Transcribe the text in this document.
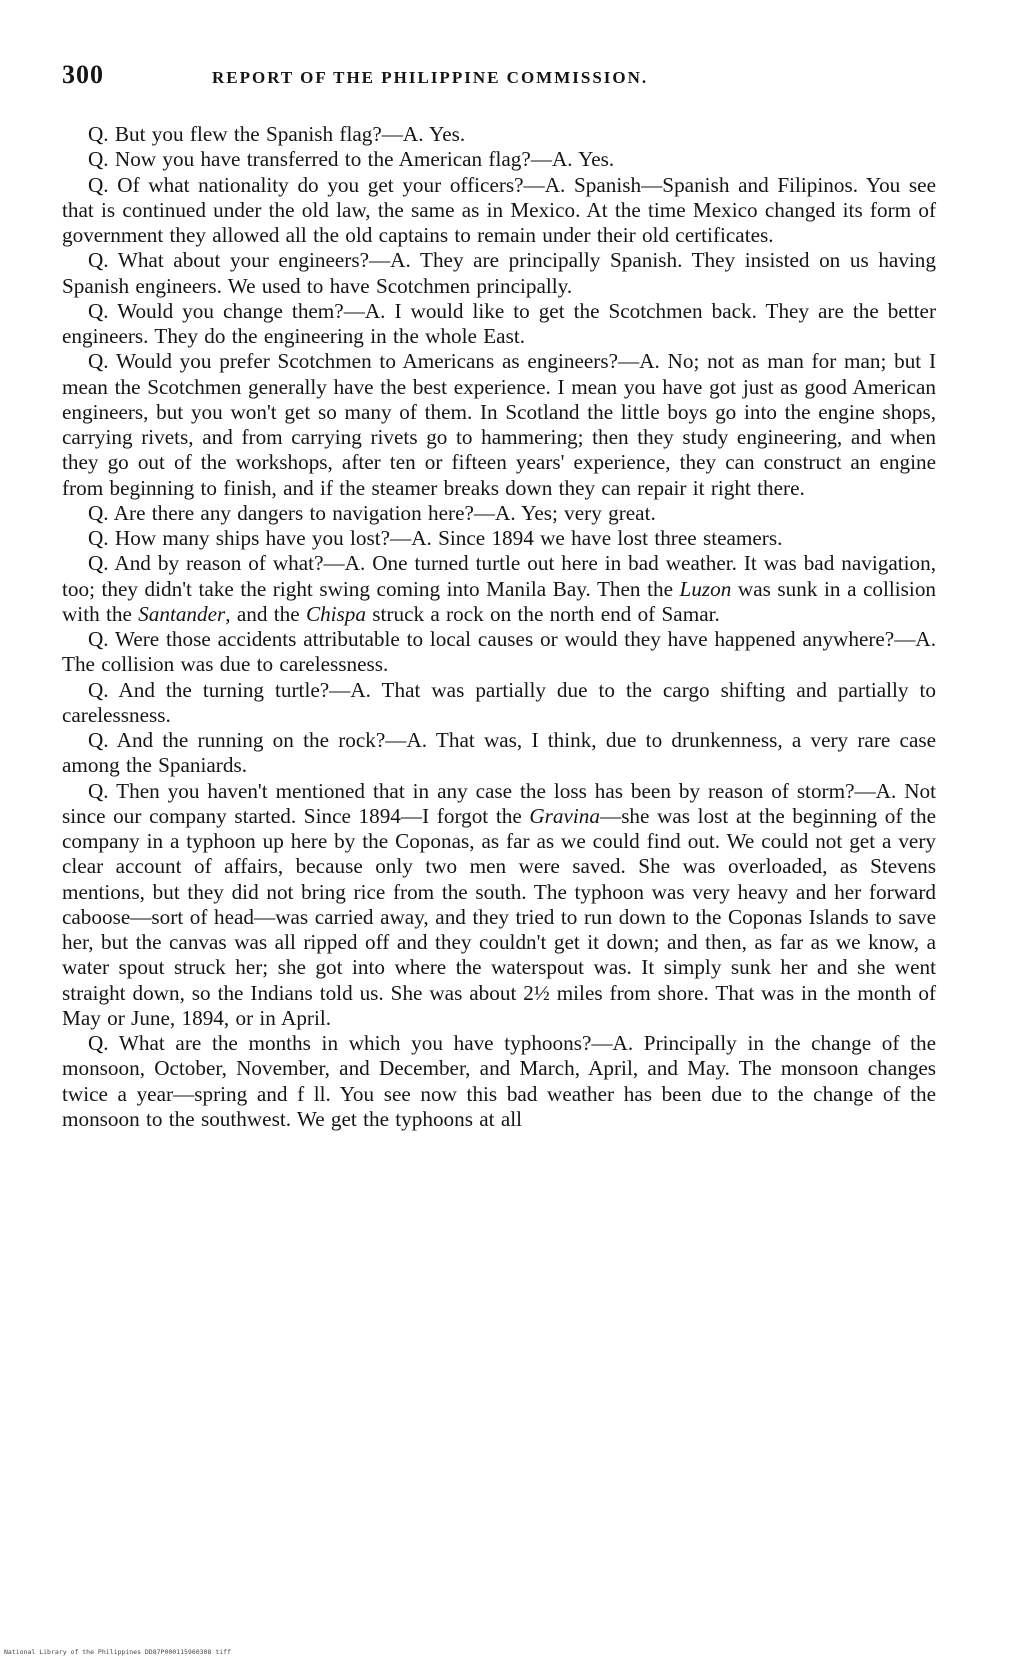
300	REPORT OF THE PHILIPPINE COMMISSION.

Q. But you flew the Spanish flag?—A. Yes.

Q. Now you have transferred to the American flag?—A. Yes.

Q. Of what nationality do you get your officers?—A. Spanish—Spanish and Filipinos. You see that is continued under the old law, the same as in Mexico. At the time Mexico changed its form of government they allowed all the old captains to remain under their old certificates.

Q. What about your engineers?—A. They are principally Spanish. They insisted on us having Spanish engineers. We used to have Scotchmen principally.

Q. Would you change them?—A. I would like to get the Scotchmen back. They are the better engineers. They do the engineering in the whole East.

Q. Would you prefer Scotchmen to Americans as engineers?—A. No; not as man for man; but I mean the Scotchmen generally have the best experience. I mean you have got just as good American engineers, but you won't get so many of them. In Scotland the little boys go into the engine shops, carrying rivets, and from carrying rivets go to hammering; then they study engineering, and when they go out of the workshops, after ten or fifteen years' experience, they can construct an engine from beginning to finish, and if the steamer breaks down they can repair it right there.

Q. Are there any dangers to navigation here?—A. Yes; very great.

Q. How many ships have you lost?—A. Since 1894 we have lost three steamers.

Q. And by reason of what?—A. One turned turtle out here in bad weather. It was bad navigation, too; they didn't take the right swing coming into Manila Bay. Then the Luzon was sunk in a collision with the Santander, and the Chispa struck a rock on the north end of Samar.

Q. Were those accidents attributable to local causes or would they have happened anywhere?—A. The collision was due to carelessness.

Q. And the turning turtle?—A. That was partially due to the cargo shifting and partially to carelessness.

Q. And the running on the rock?—A. That was, I think, due to drunkenness, a very rare case among the Spaniards.

Q. Then you haven't mentioned that in any case the loss has been by reason of storm?—A. Not since our company started. Since 1894—I forgot the Gravina—she was lost at the beginning of the company in a typhoon up here by the Coponas, as far as we could find out. We could not get a very clear account of affairs, because only two men were saved. She was overloaded, as Stevens mentions, but they did not bring rice from the south. The typhoon was very heavy and her forward caboose—sort of head—was carried away, and they tried to run down to the Coponas Islands to save her, but the canvas was all ripped off and they couldn't get it down; and then, as far as we know, a water spout struck her; she got into where the waterspout was. It simply sunk her and she went straight down, so the Indians told us. She was about 2½ miles from shore. That was in the month of May or June, 1894, or in April.

Q. What are the months in which you have typhoons?—A. Principally in the change of the monsoon, October, November, and December, and March, April, and May. The monsoon changes twice a year—spring and f ll. You see now this bad weather has been due to the change of the monsoon to the southwest. We get the typhoons at all

National Library of the Philippines DD87P000115960308 tiff
